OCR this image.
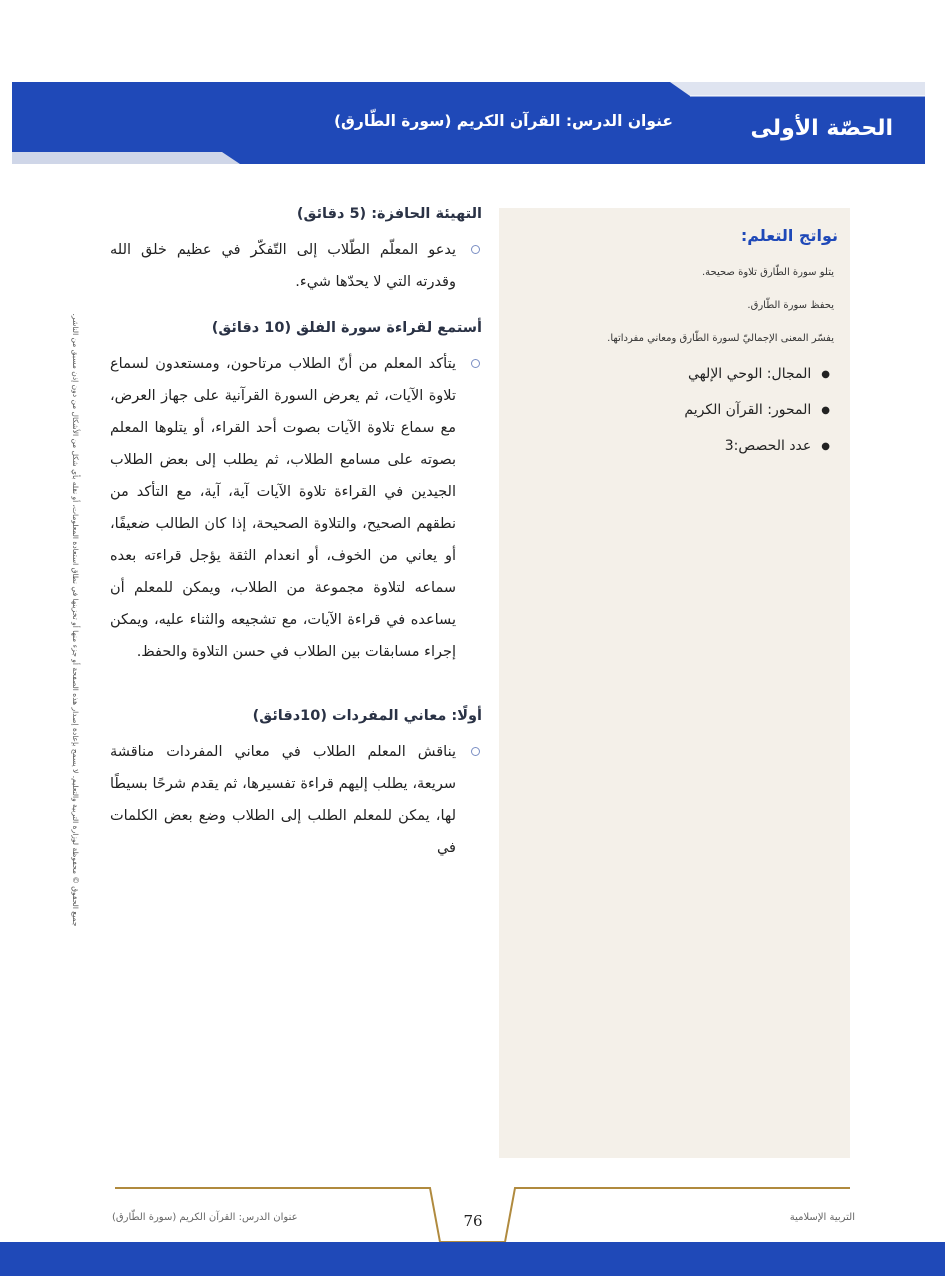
الحصّة الأولى
عنوان الدرس: القرآن الكريم (سورة الطّارق)
نواتج التعلم:
يتلو سورة الطّارق تلاوة صحيحة.
يحفظ سورة الطّارق.
يفسّر المعنى الإجماليّ لسورة الطّارق ومعاني مفرداتها.
●
المجال: الوحي الإلهي
●
المحور: القرآن الكريم
●
عدد الحصص:3
التهيئة الحافزة: (5 دقائق)
يدعو المعلّم الطّلاب إلى التّفكّر في عظيم خلق الله وقدرته التي لا يحدّها شيء.
أستمع لقراءة سورة الفلق (10 دقائق)
يتأكد المعلم من أنّ الطلاب مرتاحون، ومستعدون لسماع تلاوة الآيات، ثم يعرض السورة القرآنية على جهاز العرض، مع سماع تلاوة الآيات بصوت أحد القراء، أو يتلوها المعلم بصوته على مسامع الطلاب، ثم يطلب إلى بعض الطلاب الجيدين في القراءة تلاوة الآيات آية، آية، مع التأكد من نطقهم الصحيح، والتلاوة الصحيحة، إذا كان الطالب ضعيفًا، أو يعاني من الخوف، أو انعدام الثقة يؤجل قراءته بعده سماعه لتلاوة مجموعة من الطلاب، ويمكن للمعلم أن يساعده في قراءة الآيات، مع تشجيعه والثناء عليه، ويمكن إجراء مسابقات بين الطلاب في حسن التلاوة والحفظ.
أولًا: معاني المفردات (10دقائق)
يناقش المعلم الطلاب في معاني المفردات مناقشة سريعة، يطلب إليهم قراءة تفسيرها، ثم يقدم شرحًا بسيطًا لها، يمكن للمعلم الطلب إلى الطلاب وضع بعض الكلمات في
جميع الحقوق © محفوظة لوزارة التربية والتعليم. لا يسمح بإعادة إصدار هذه الصفحة أو جزء منها أو تخزينها في نطاق استعادة المعلومات، أو نقله بأي شكل من الأشكال من دون إذن مسبق من الناشر.
عنوان الدرس: القرآن الكريم (سورة الطّارق)	76	التربية الإسلامية
